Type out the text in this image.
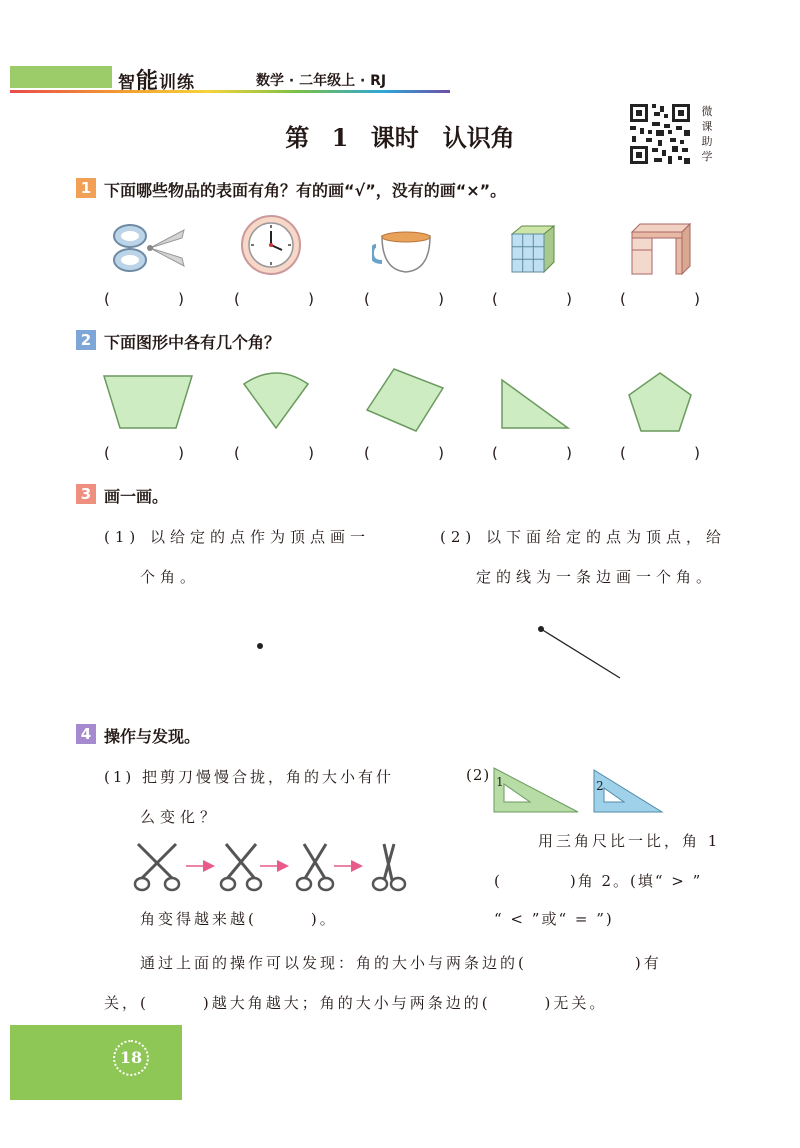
智能训练	数学 · 二年级上 · RJ
第 1 课时　认识角
微
课
助
学
1 下面哪些物品的表面有角？有的画“√”，没有的画“×”。
(	)	(	)	(	)	(	)	(	)
2 下面图形中各有几个角？
(	)	(	)	(	)	(	)	(	)
3 画一画。
(1) 以给定的点作为顶点画一
个角。
(2) 以下面给定的点为顶点，给
定的线为一条边画一个角。
4 操作与发现。
(1) 把剪刀慢慢合拢，角的大小有什
么变化？
角变得越来越(　　　)。
(2) 1	2
用三角尺比一比，角 1
(　　　　)角 2。(填“ > ”
“ < ”或“ = ”)
通过上面的操作可以发现：角的大小与两条边的(　　　　　　)有
关，(　　　)越大角越大；角的大小与两条边的(　　　)无关。
18
